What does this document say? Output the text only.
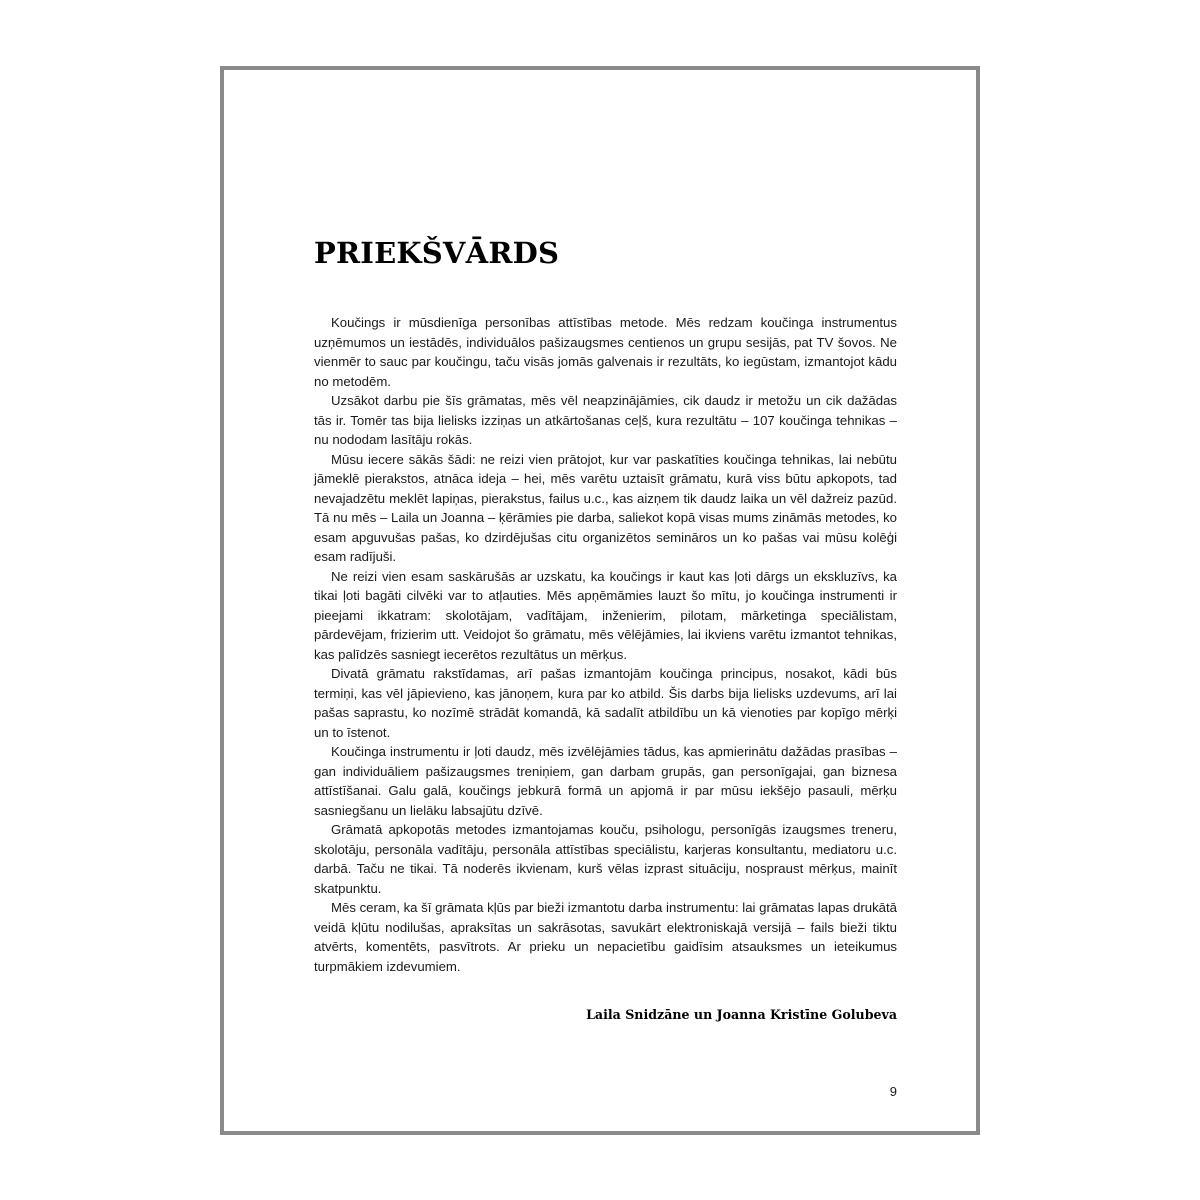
PRIEKŠVĀRDS

Koučings ir mūsdienīga personības attīstības metode. Mēs redzam koučinga instrumentus uzņēmumos un iestādēs, individuālos pašizaugsmes centienos un grupu sesijās, pat TV šovos. Ne vienmēr to sauc par koučingu, taču visās jomās galvenais ir rezultāts, ko iegūstam, izmantojot kādu no metodēm.

Uzsākot darbu pie šīs grāmatas, mēs vēl neapzinājāmies, cik daudz ir metožu un cik dažādas tās ir. Tomēr tas bija lielisks izziņas un atkārtošanas ceļš, kura rezultātu – 107 koučinga tehnikas – nu nododam lasītāju rokās.

Mūsu iecere sākās šādi: ne reizi vien prātojot, kur var paskatīties koučinga tehnikas, lai nebūtu jāmeklē pierakstos, atnāca ideja – hei, mēs varētu uztaisīt grāmatu, kurā viss būtu apkopots, tad nevajadzētu meklēt lapiņas, pierakstus, failus u.c., kas aizņem tik daudz laika un vēl dažreiz pazūd. Tā nu mēs – Laila un Joanna – ķērāmies pie darba, saliekot kopā visas mums zināmās metodes, ko esam apguvušas pašas, ko dzirdējušas citu organizētos semināros un ko pašas vai mūsu kolēģi esam radījuši.

Ne reizi vien esam saskārušās ar uzskatu, ka koučings ir kaut kas ļoti dārgs un ekskluzīvs, ka tikai ļoti bagāti cilvēki var to atļauties. Mēs apņēmāmies lauzt šo mītu, jo koučinga instrumenti ir pieejami ikkatram: skolotājam, vadītājam, inženierim, pilotam, mārketinga speciālistam, pārdevējam, frizierim utt. Veidojot šo grāmatu, mēs vēlējāmies, lai ikviens varētu izmantot tehnikas, kas palīdzēs sasniegt iecerētos rezultātus un mērķus.

Divatā grāmatu rakstīdamas, arī pašas izmantojām koučinga principus, nosakot, kādi būs termiņi, kas vēl jāpievieno, kas jānoņem, kura par ko atbild. Šis darbs bija lielisks uzdevums, arī lai pašas saprastu, ko nozīmē strādāt komandā, kā sadalīt atbildību un kā vienoties par kopīgo mērķi un to īstenot.

Koučinga instrumentu ir ļoti daudz, mēs izvēlējāmies tādus, kas apmierinātu dažādas prasības – gan individuāliem pašizaugsmes treniņiem, gan darbam grupās, gan personīgajai, gan biznesa attīstīšanai. Galu galā, koučings jebkurā formā un apjomā ir par mūsu iekšējo pasauli, mērķu sasniegšanu un lielāku labsajūtu dzīvē.

Grāmatā apkopotās metodes izmantojamas kouču, psihologu, personīgās izaugsmes treneru, skolotāju, personāla vadītāju, personāla attīstības speciālistu, karjeras konsultantu, mediatoru u.c. darbā. Taču ne tikai. Tā noderēs ikvienam, kurš vēlas izprast situāciju, nospraust mērķus, mainīt skatpunktu.

Mēs ceram, ka šī grāmata kļūs par bieži izmantotu darba instrumentu: lai grāmatas lapas drukātā veidā kļūtu nodilušas, apraksītas un sakrāsotas, savukārt elektroniskajā versijā – fails bieži tiktu atvērts, komentēts, pasvītrots. Ar prieku un nepacietību gaidīsim atsauksmes un ieteikumus turpmākiem izdevumiem.

Laila Snidzāne un Joanna Kristīne Golubeva
9
